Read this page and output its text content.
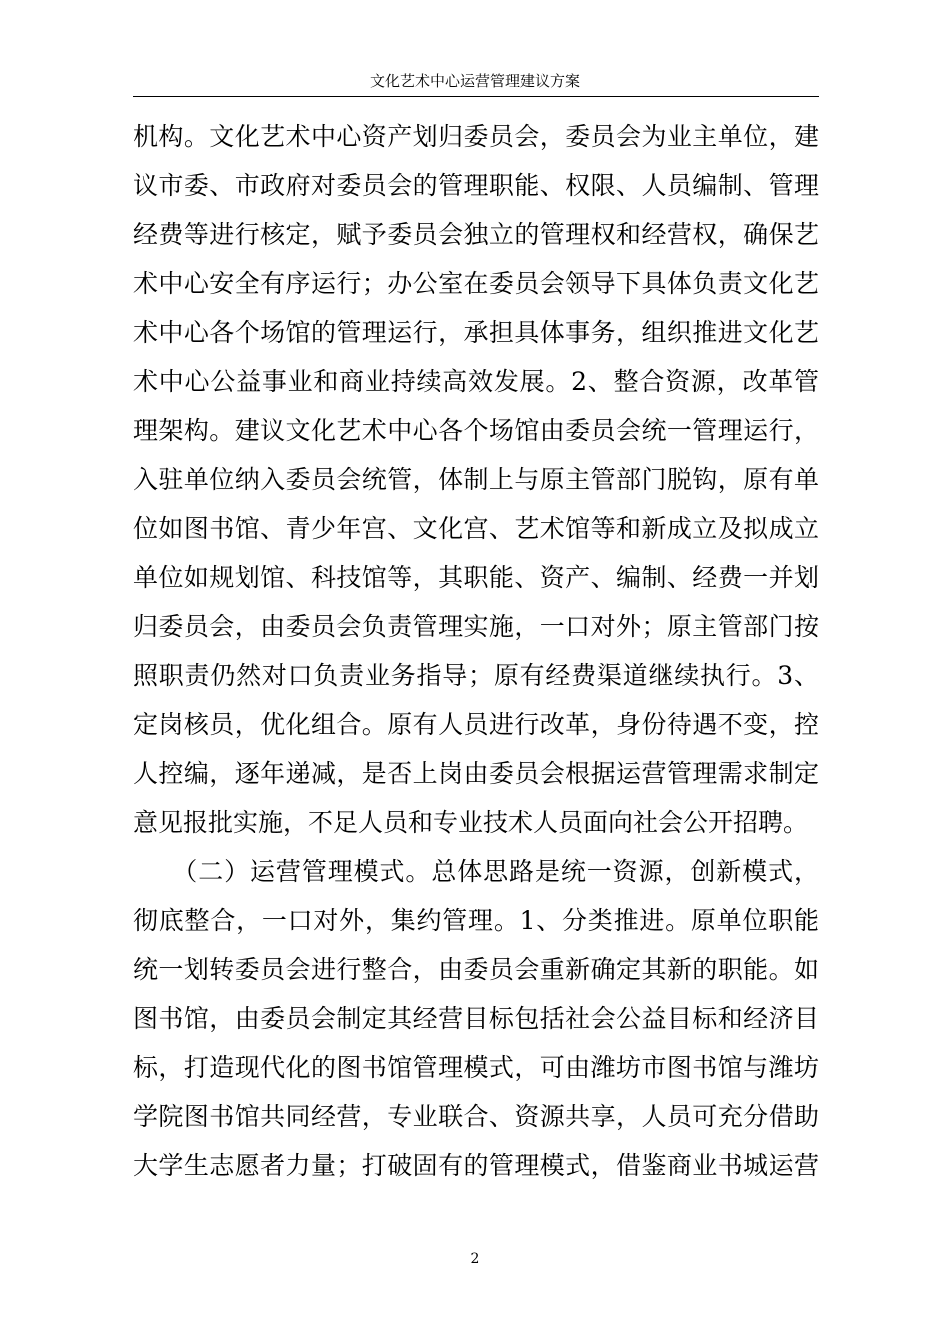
文化艺术中心运营管理建议方案
机构。文化艺术中心资产划归委员会，委员会为业主单位，建
议市委、市政府对委员会的管理职能、权限、人员编制、管理
经费等进行核定，赋予委员会独立的管理权和经营权，确保艺
术中心安全有序运行；办公室在委员会领导下具体负责文化艺
术中心各个场馆的管理运行，承担具体事务，组织推进文化艺
术中心公益事业和商业持续高效发展。2、整合资源，改革管
理架构。建议文化艺术中心各个场馆由委员会统一管理运行，
入驻单位纳入委员会统管，体制上与原主管部门脱钩，原有单
位如图书馆、青少年宫、文化宫、艺术馆等和新成立及拟成立
单位如规划馆、科技馆等，其职能、资产、编制、经费一并划
归委员会，由委员会负责管理实施，一口对外；原主管部门按
照职责仍然对口负责业务指导；原有经费渠道继续执行。3、
定岗核员，优化组合。原有人员进行改革，身份待遇不变，控
人控编，逐年递减，是否上岗由委员会根据运营管理需求制定
意见报批实施，不足人员和专业技术人员面向社会公开招聘。
　　（二）运营管理模式。总体思路是统一资源，创新模式，
彻底整合，一口对外，集约管理。1、分类推进。原单位职能
统一划转委员会进行整合，由委员会重新确定其新的职能。如
图书馆，由委员会制定其经营目标包括社会公益目标和经济目
标，打造现代化的图书馆管理模式，可由潍坊市图书馆与潍坊
学院图书馆共同经营，专业联合、资源共享，人员可充分借助
大学生志愿者力量；打破固有的管理模式，借鉴商业书城运营
2
